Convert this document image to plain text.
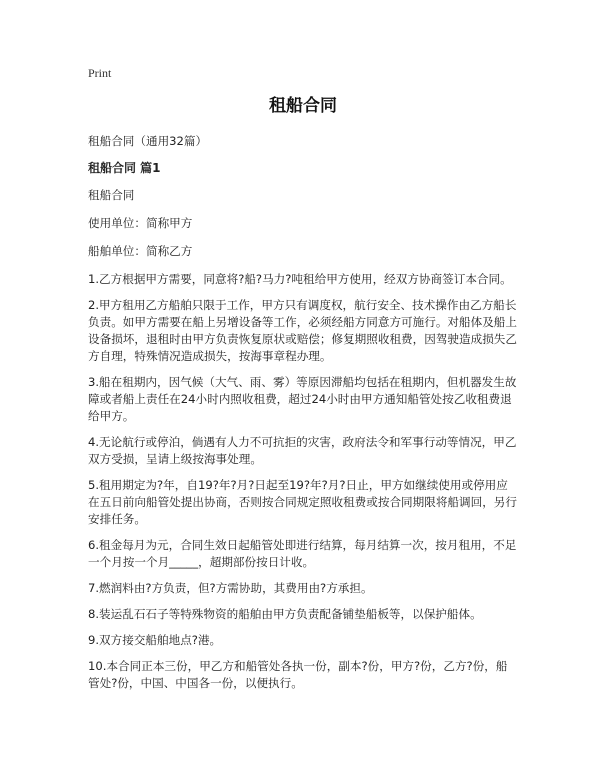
Print
租船合同

租船合同（通用32篇）

租船合同 篇1

租船合同

使用单位：简称甲方

船舶单位：简称乙方

1.乙方根据甲方需要，同意将?船?马力?吨租给甲方使用，经双方协商签订本合同。

2.甲方租用乙方船舶只限于工作，甲方只有调度权，航行安全、技术操作由乙方船长负责。如甲方需要在船上另增设备等工作，必须经船方同意方可施行。对船体及船上设备损坏，退租时由甲方负责恢复原状或赔偿；修复期照收租费，因驾驶造成损失乙方自理，特殊情况造成损失，按海事章程办理。

3.船在租期内，因气候（大气、雨、雾）等原因滞船均包括在租期内，但机器发生故障或者船上责任在24小时内照收租费，超过24小时由甲方通知船管处按乙收租费退给甲方。

4.无论航行或停泊，倘遇有人力不可抗拒的灾害，政府法令和军事行动等情况，甲乙双方受损，呈请上级按海事处理。

5.租用期定为?年，自19?年?月?日起至19?年?月?日止，甲方如继续使用或停用应在五日前向船管处提出协商，否则按合同规定照收租费或按合同期限将船调回，另行安排任务。

6.租金每月为元，合同生效日起船管处即进行结算，每月结算一次，按月租用，不足一个月按一个月_____，超期部份按日计收。

7.燃润料由?方负责，但?方需协助，其费用由?方承担。

8.装运乱石石子等特殊物资的船舶由甲方负责配备铺垫船板等，以保护船体。

9.双方接交船舶地点?港。

10.本合同正本三份，甲乙方和船管处各执一份，副本?份，甲方?份，乙方?份，船管处?份，中国、中国各一份，以便执行。
